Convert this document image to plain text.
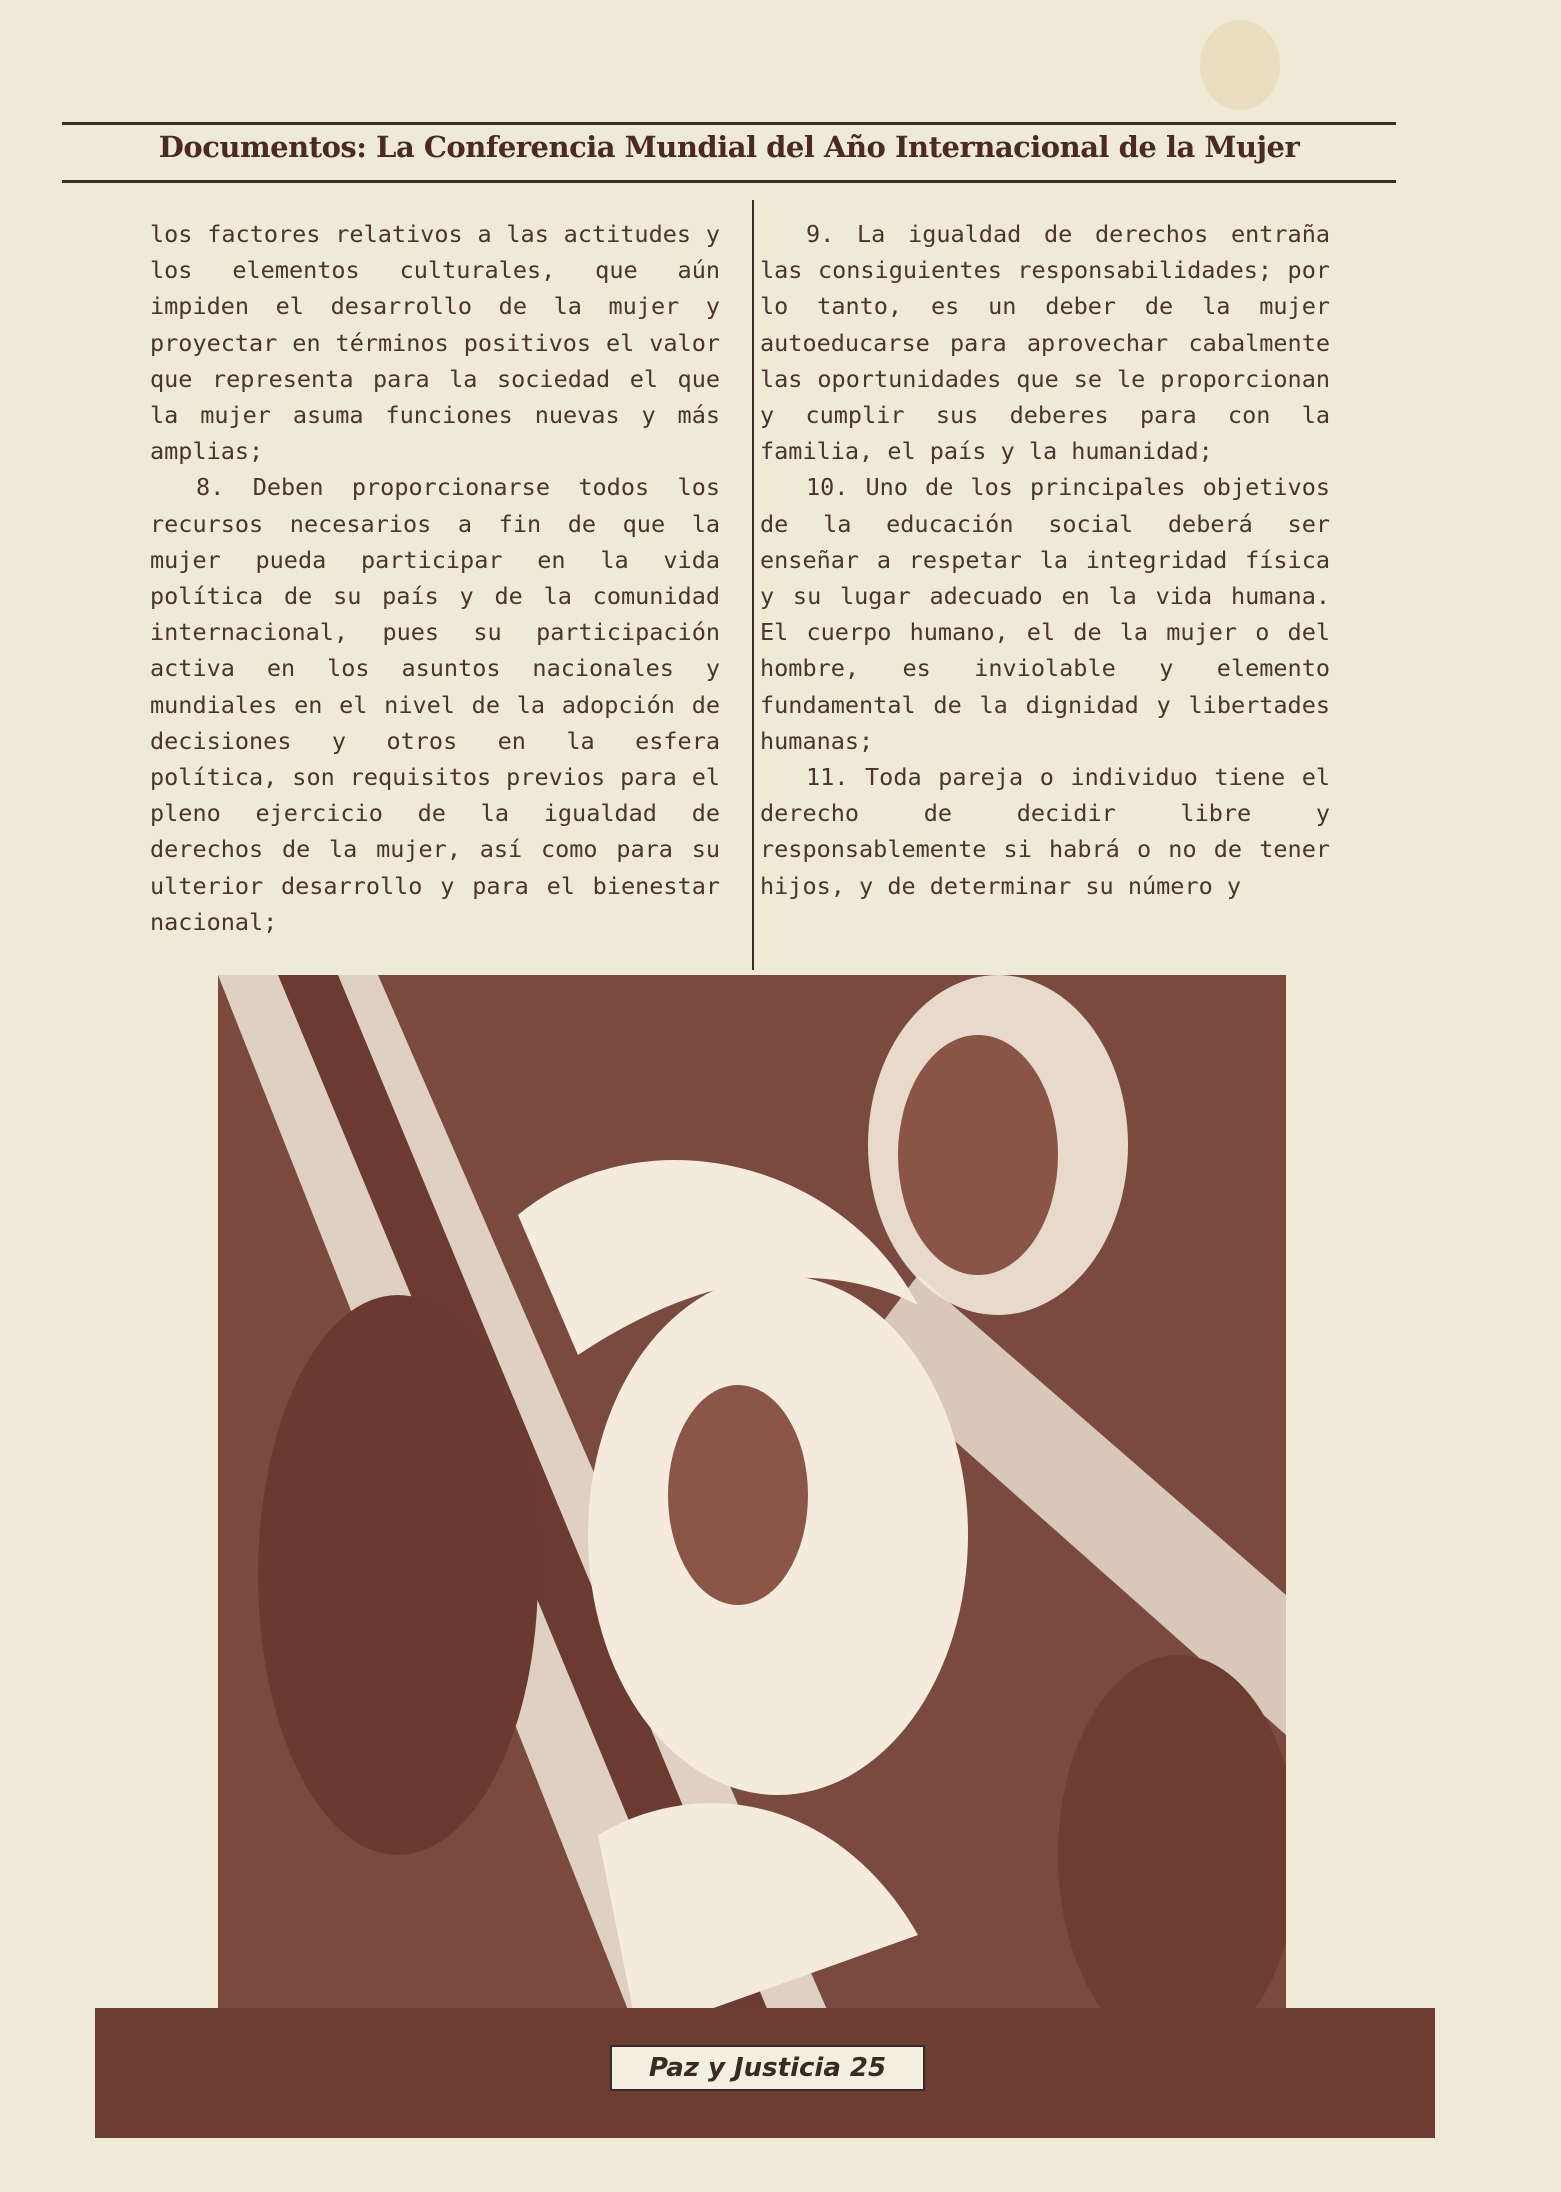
Documentos: La Conferencia Mundial del Año Internacional de la Mujer

los factores relativos a las actitudes y los elementos culturales, que aún impiden el desarrollo de la mujer y proyectar en términos positivos el valor que representa para la sociedad el que la mujer asuma funciones nuevas y más amplias;

8. Deben proporcionarse todos los recursos necesarios a fin de que la mujer pueda participar en la vida política de su país y de la comunidad internacional, pues su participación activa en los asuntos nacionales y mundiales en el nivel de la adopción de decisiones y otros en la esfera política, son requisitos previos para el pleno ejercicio de la igualdad de derechos de la mujer, así como para su ulterior desarrollo y para el bienestar nacional;

9. La igualdad de derechos entraña las consiguientes responsabilidades; por lo tanto, es un deber de la mujer autoeducarse para aprovechar cabalmente las oportunidades que se le proporcionan y cumplir sus deberes para con la familia, el país y la humanidad;

10. Uno de los principales objetivos de la educación social deberá ser enseñar a respetar la integridad física y su lugar adecuado en la vida humana. El cuerpo humano, el de la mujer o del hombre, es inviolable y elemento fundamental de la dignidad y libertades humanas;

11. Toda pareja o individuo tiene el derecho de decidir libre y responsablemente si habrá o no de tener hijos, y de determinar su número y

Paz y Justicia 25
